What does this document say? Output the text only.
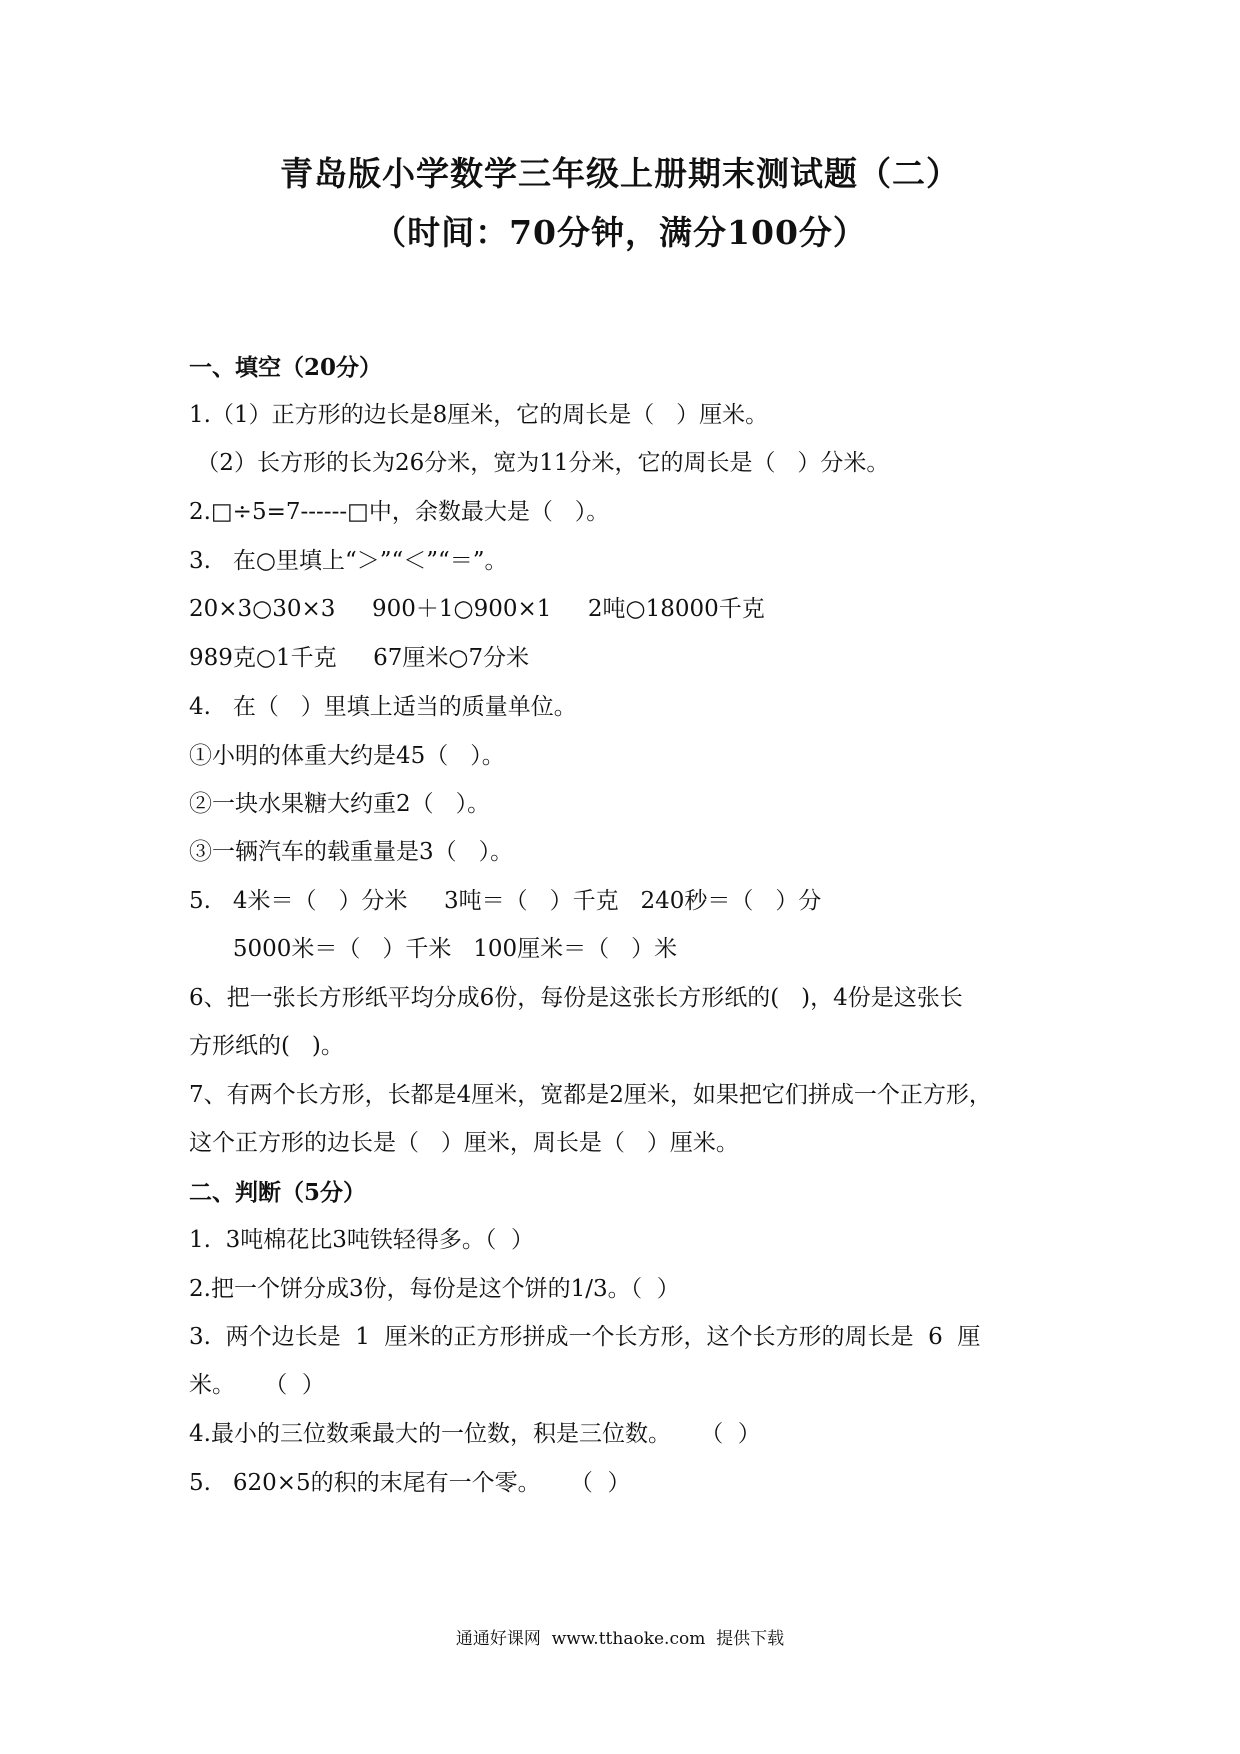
青岛版小学数学三年级上册期末测试题（二）
（时间：70分钟，满分100分）
一、填空（20分）
1.（1）正方形的边长是8厘米，它的周长是（   ）厘米。
（2）长方形的长为26分米，宽为11分米，它的周长是（   ）分米。
2.□÷5=7------□中，余数最大是（   ）。
3.   在○里填上“＞”“＜”“＝”。
20×3○30×3     900＋1○900×1     2吨○18000千克
989克○1千克     67厘米○7分米
4.   在（   ）里填上适当的质量单位。
①小明的体重大约是45（   ）。
②一块水果糖大约重2（   ）。
③一辆汽车的载重量是3（   ）。
5.   4米＝（   ）分米     3吨＝（   ）千克   240秒＝（   ）分
5000米＝（   ）千米   100厘米＝（   ）米
6、把一张长方形纸平均分成6份，每份是这张长方形纸的(   )，4份是这张长
方形纸的(   )。
7、有两个长方形，长都是4厘米，宽都是2厘米，如果把它们拼成一个正方形，
这个正方形的边长是（   ）厘米，周长是（   ）厘米。
二、判断（5分）
1.  3吨棉花比3吨铁轻得多。（  ）
2.把一个饼分成3份，每份是这个饼的1/3。（  ）
3.  两个边长是  1  厘米的正方形拼成一个长方形，这个长方形的周长是  6  厘
米。    （  ）
4.最小的三位数乘最大的一位数，积是三位数。    （  ）
5.   620×5的积的末尾有一个零。    （  ）
通通好课网  www.tthaoke.com  提供下载
